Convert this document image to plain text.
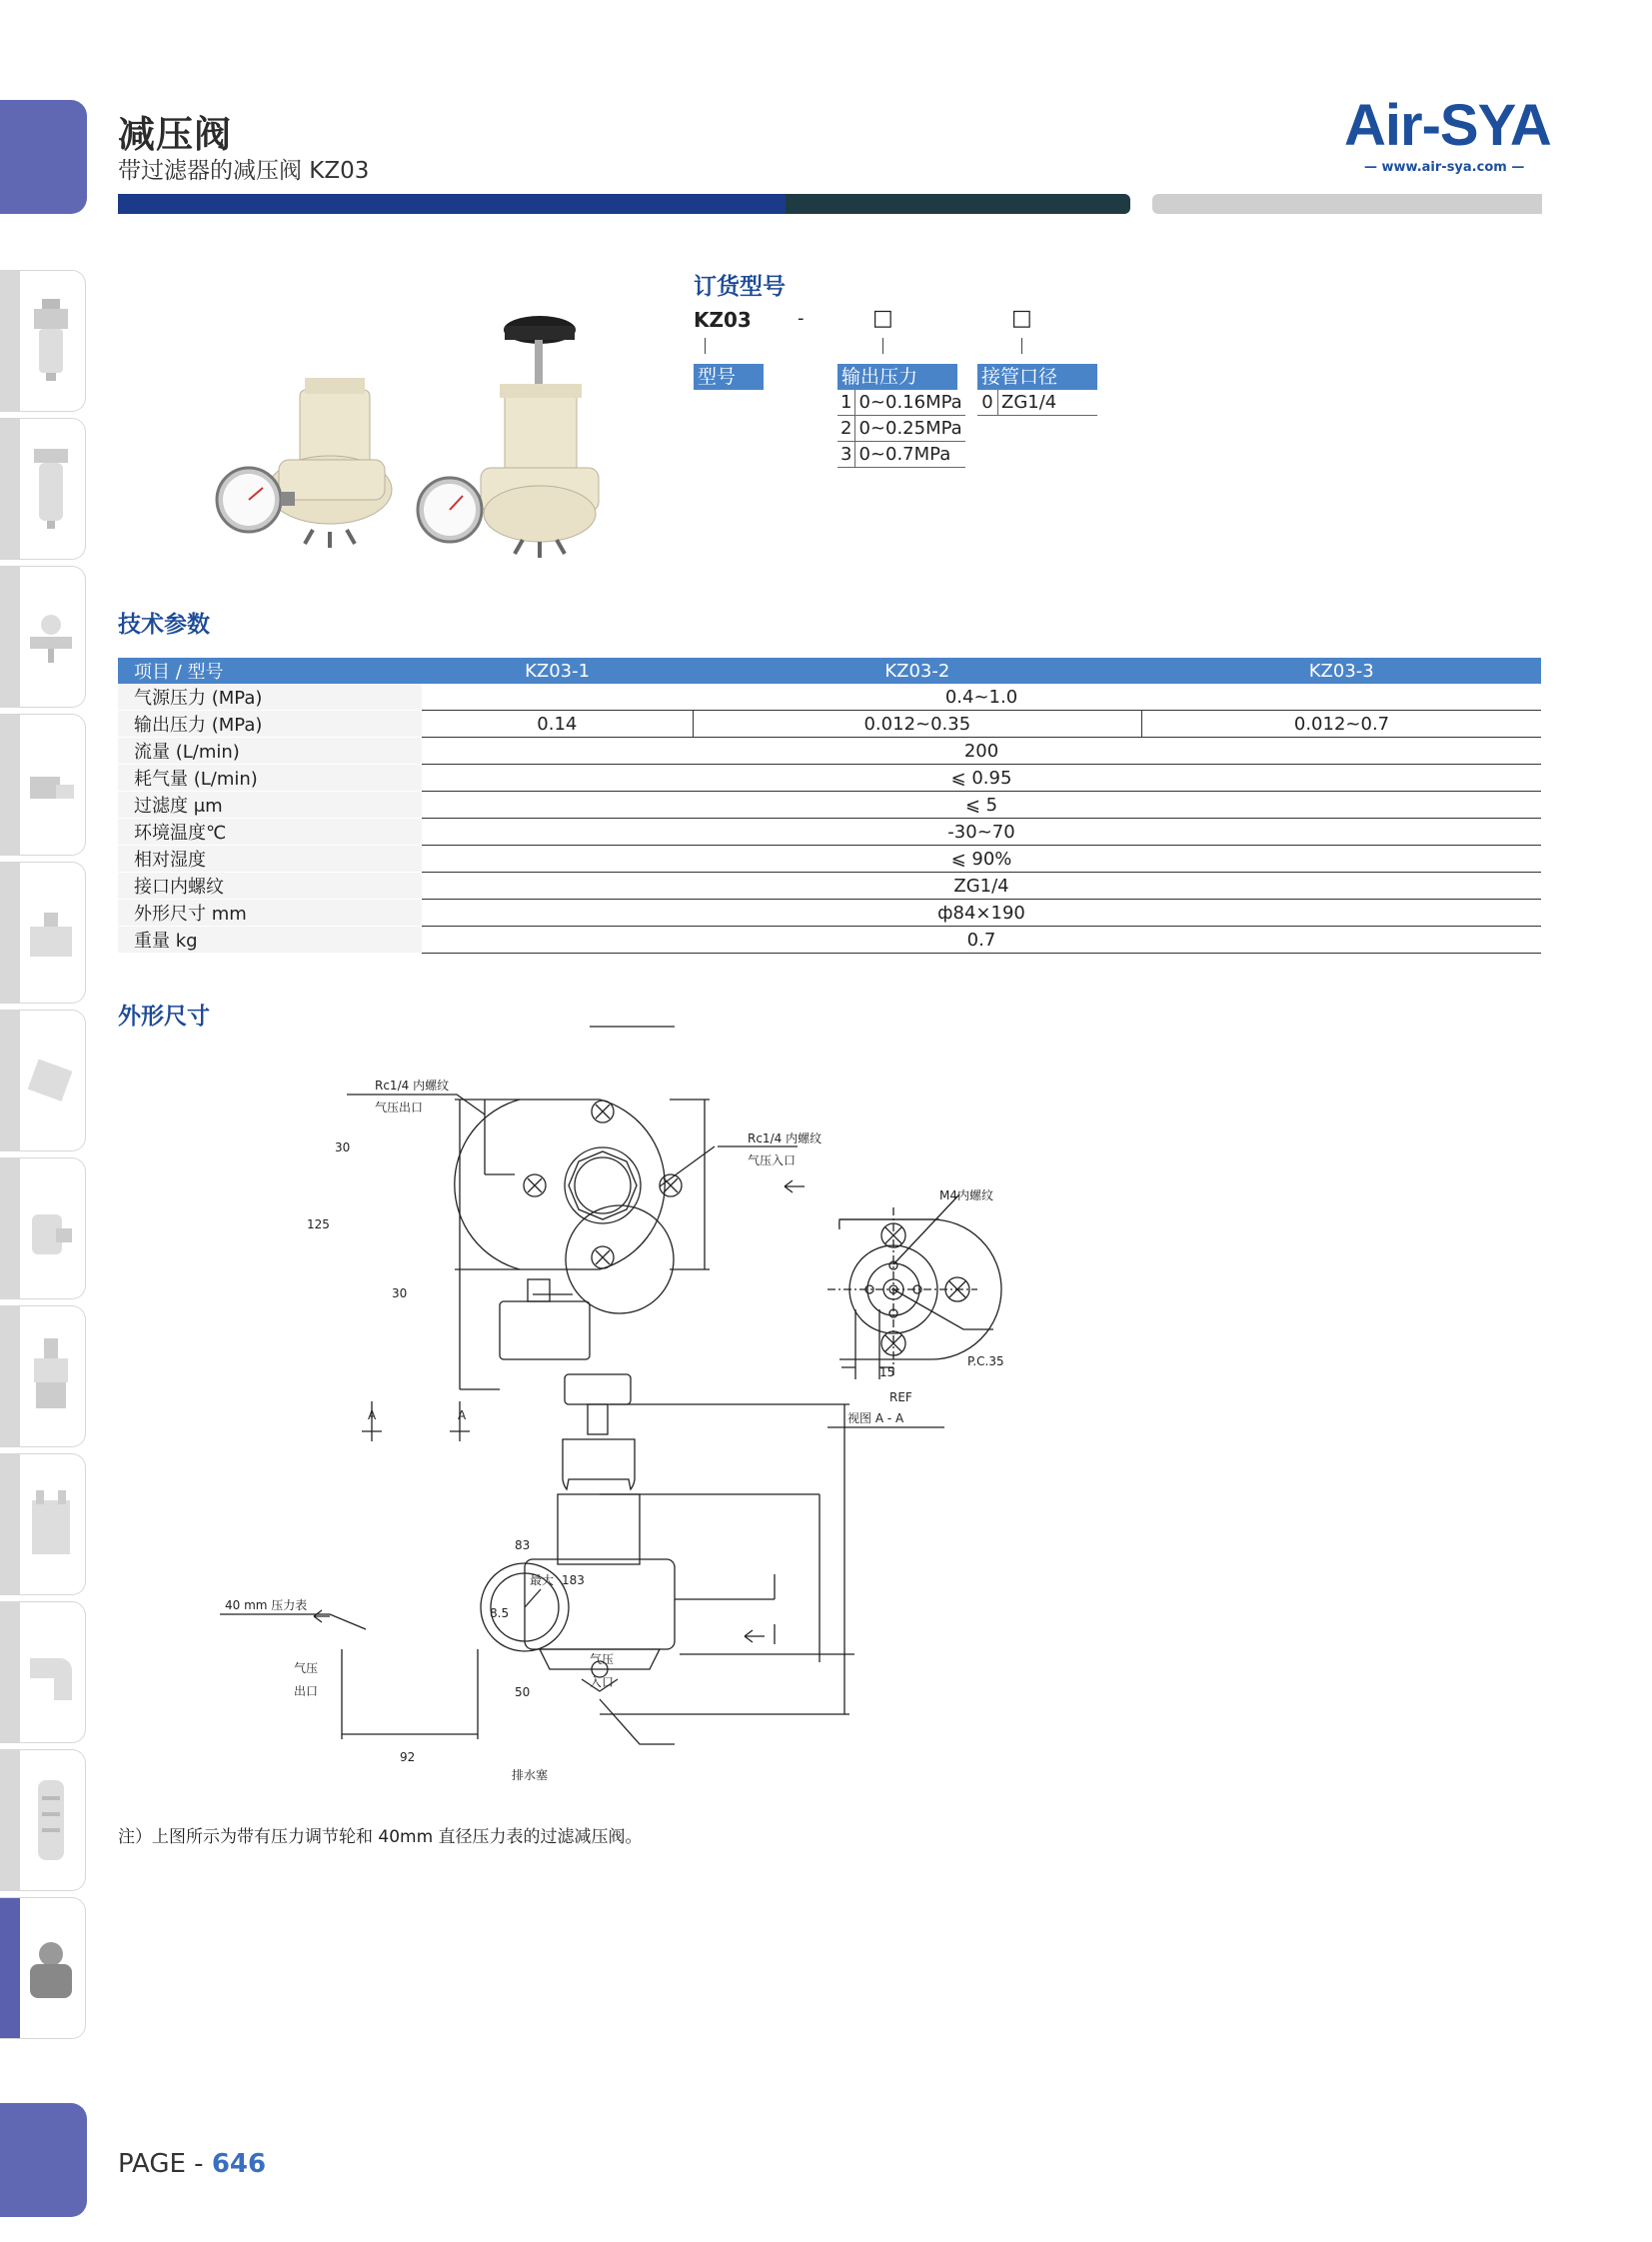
减压阀
带过滤器的减压阀 KZ03
Air-SYA
— www.air-sya.com —
订货型号
KZ03	-	□	□
型号	输出压力
1	0~0.16MPa
2	0~0.25MPa
3	0~0.7MPa
接管口径
0	ZG1/4
技术参数
项目 / 型号	KZ03-1	KZ03-2	KZ03-3
气源压力 (MPa)	0.4~1.0		
输出压力 (MPa)	0.14	0.012~0.35	0.012~0.7
流量 (L/min)	200		
耗气量 (L/min)	⩽ 0.95		
过滤度 μm	⩽ 5		
环境温度℃	-30~70		
相对湿度	⩽ 90%		
接口内螺纹	ZG1/4		
外形尺寸 mm	ф84×190		
重量 kg	0.7		
外形尺寸
Rc1/4 内螺纹
气压出口
Rc1/4 内螺纹
气压入口
30
125
30
A	A
40 mm 压力表
气压
出口
83
最大 183
8.5
气压
入口
50
92
排水塞
M4内螺纹
P.C.35
15
REF
视图 A - A
注）上图所示为带有压力调节轮和 40mm 直径压力表的过滤减压阀。
PAGE - 646
